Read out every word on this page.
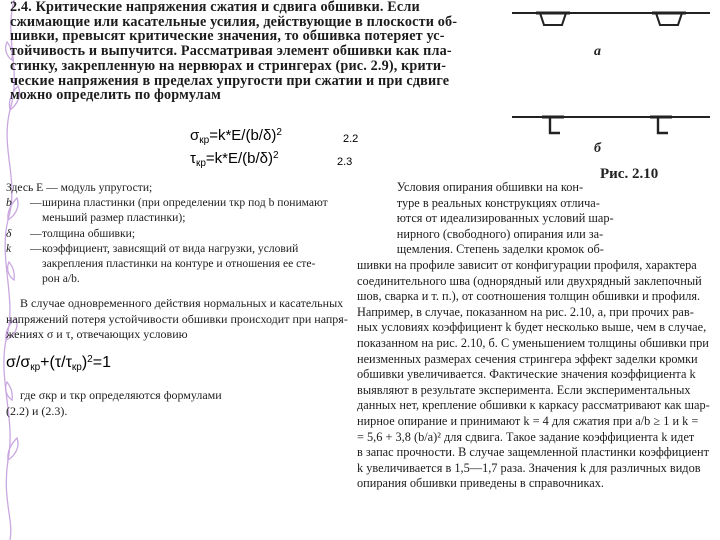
2.4. Критические напряжения сжатия и сдвига обшивки. Если

сжимающие или касательные усилия, действующие в плоскости об-

шивки, превысят критические значения, то обшивка потеряет ус-

тойчивость и выпучится. Рассматривая элемент обшивки как пла-

стинку, закрепленную на нервюрах и стрингерах (рис. 2.9), крити-

ческие напряжения в пределах упругости при сжатии и при сдвиге

можно определить по формулам

$\sigma_{кр}=k*E/(b/\delta)^2$
2.2
$\tau_{кр}=k*E/(b/\delta)^2$
2.3

Здесь E — модуль упругости;

b	— ширина пластинки (при определении τкр под b понимают
меньший размер пластинки);
δ	— толщина обшивки;
k	— коэффициент, зависящий от вида нагрузки, условий
закрепления пластинки на контуре и отношения ее сте-
рон a/b.

В случае одновременного действия нормальных и касательных

напряжений потеря устойчивости обшивки происходит при напря-

жениях σ и τ, отвечающих условию

$\sigma/\sigma_{кр}+(\tau/\tau_{кр})^2=1$

где σкр и τкр определяются формулами

(2.2) и (2.3).

а
б
Рис. 2.10

Условия опирания обшивки на кон-

туре в реальных конструкциях отлича-

ются от идеализированных условий шар-

нирного (свободного) опирания или за-

щемления. Степень заделки кромок об-

шивки на профиле зависит от конфигурации профиля, характера

соединительного шва (однорядный или двухрядный заклепочный

шов, сварка и т. п.), от соотношения толщин обшивки и профиля.

Например, в случае, показанном на рис. 2.10, а, при прочих рав-

ных условиях коэффициент k будет несколько выше, чем в случае,

показанном на рис. 2.10, б. С уменьшением толщины обшивки при

неизменных размерах сечения стрингера эффект заделки кромки

обшивки увеличивается. Фактические значения коэффициента k

выявляют в результате эксперимента. Если экспериментальных

данных нет, крепление обшивки к каркасу рассматривают как шар-

нирное опирание и принимают k = 4 для сжатия при a/b ≥ 1 и k =

= 5,6 + 3,8 (b/a)² для сдвига. Такое задание коэффициента k идет

в запас прочности. В случае защемленной пластинки коэффициент

k увеличивается в 1,5—1,7 раза. Значения k для различных видов

опирания обшивки приведены в справочниках.
